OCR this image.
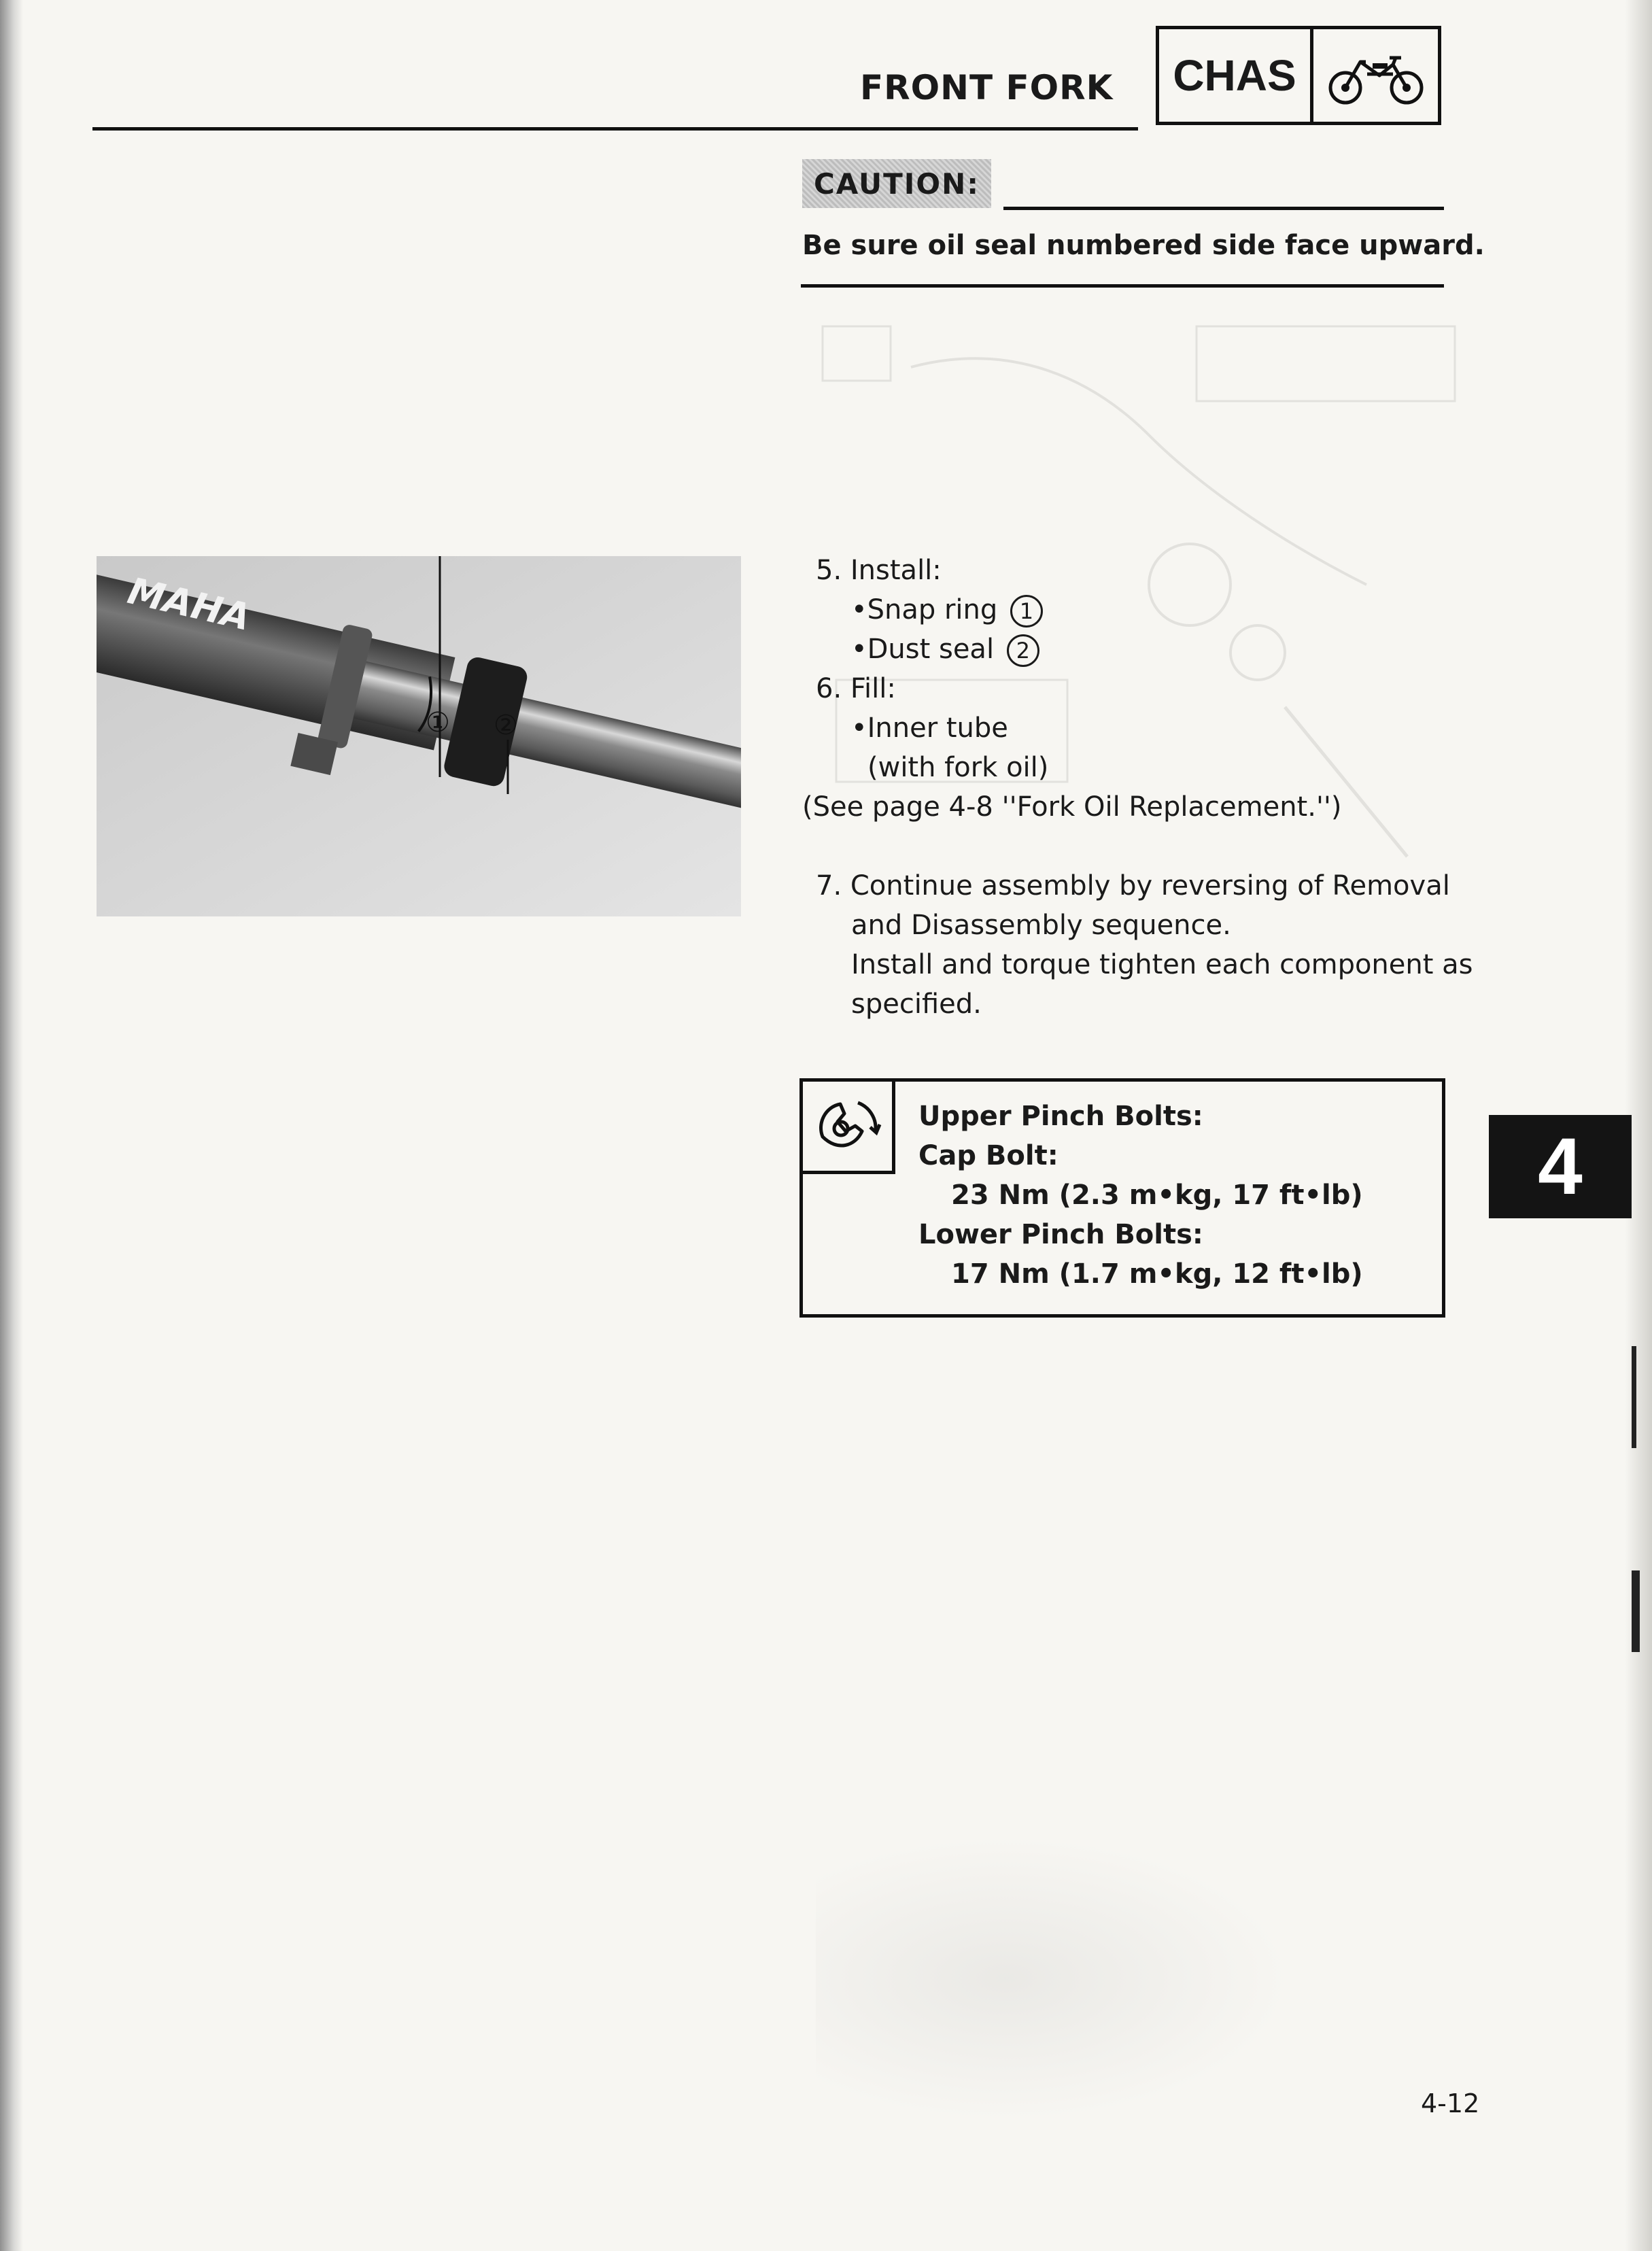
FRONT FORK	CHAS
CAUTION:
Be sure oil seal numbered side face upward.
MAHA
① ②
5. Install:
•Snap ring 1
•Dust seal 2
6. Fill:
•Inner tube
(with fork oil)
(See page 4-8 ''Fork Oil Replacement.'')
7. Continue assembly by reversing of Removal
and Disassembly sequence.
Install and torque tighten each component as
specified.
Upper Pinch Bolts:
Cap Bolt:
23 Nm (2.3 m•kg, 17 ft•lb)
Lower Pinch Bolts:
17 Nm (1.7 m•kg, 12 ft•lb)
4
4-12
